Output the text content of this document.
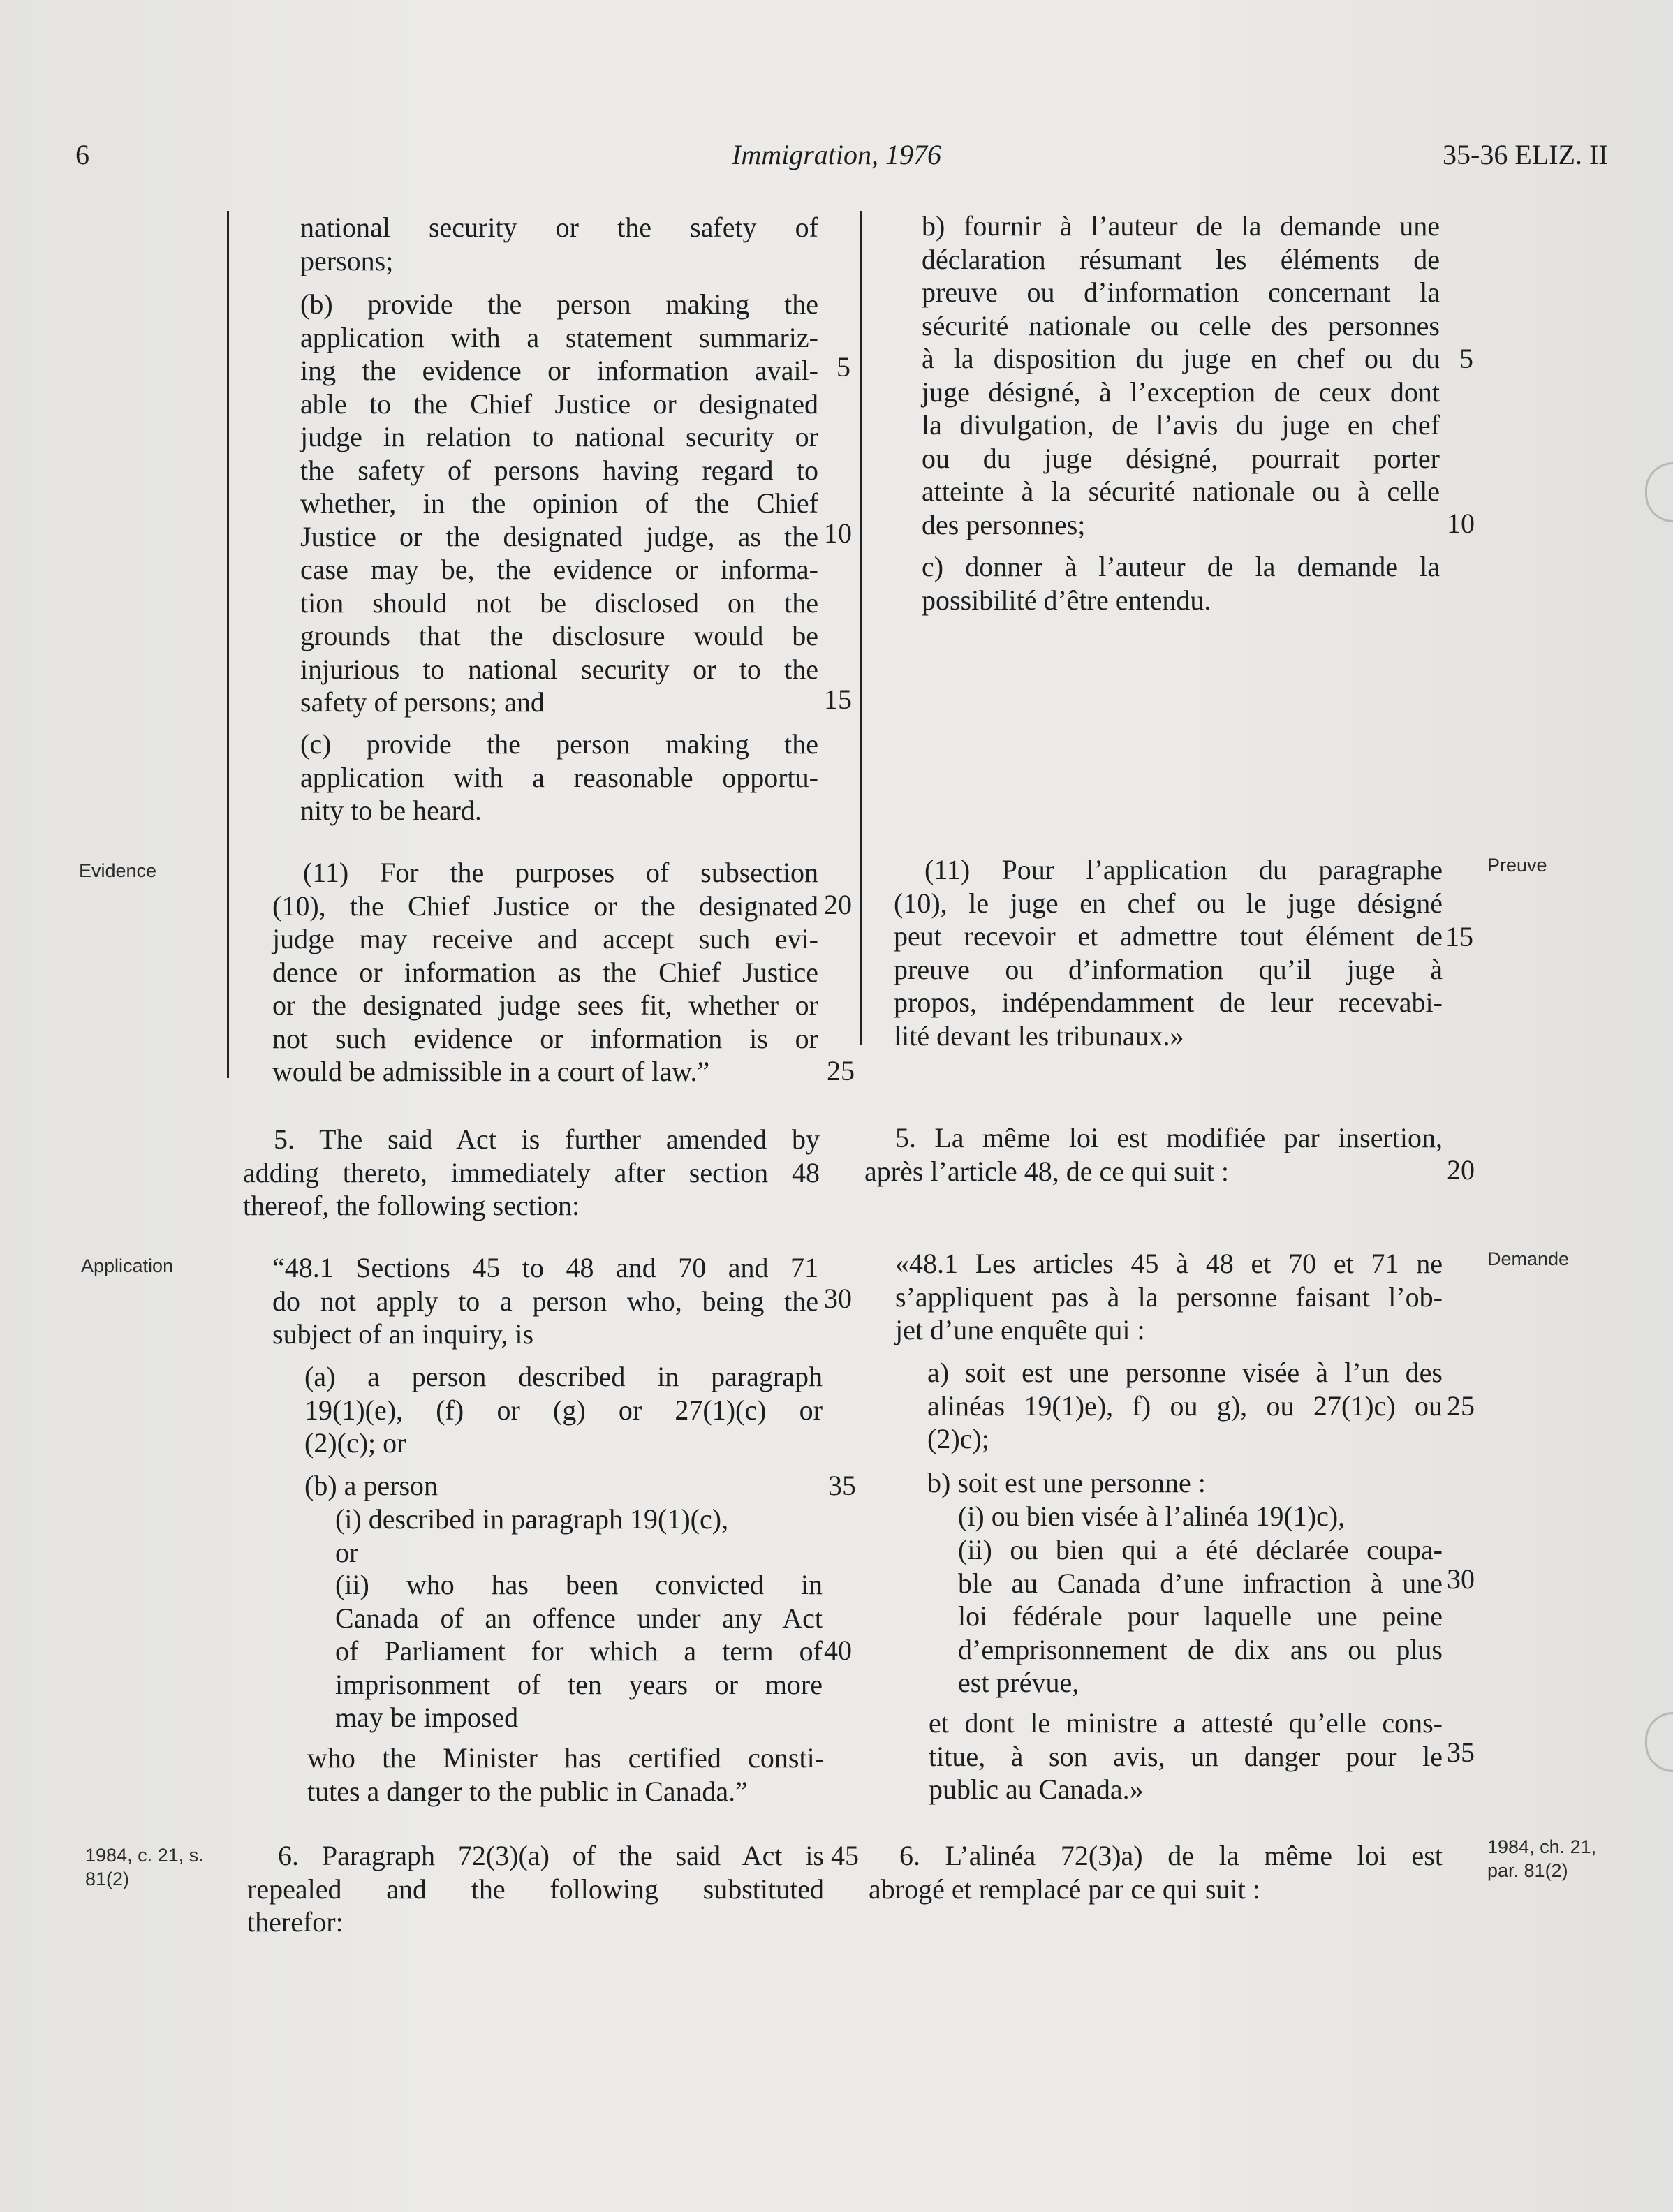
6	Immigration, 1976	35-36 ELIZ. II
Evidence
Application
1984, c. 21, s.
81(2)
Preuve
Demande
1984, ch. 21,
par. 81(2)

national security or the safety of

persons;

(b) provide the person making the

application with a statement summariz-

ing the evidence or information avail-

able to the Chief Justice or designated

judge in relation to national security or

the safety of persons having regard to

whether, in the opinion of the Chief

Justice or the designated judge, as the

case may be, the evidence or informa-

tion should not be disclosed on the

grounds that the disclosure would be

injurious to national security or to the

safety of persons; and

(c) provide the person making the

application with a reasonable opportu-

nity to be heard.

(11) For the purposes of subsection

(10), the Chief Justice or the designated

judge may receive and accept such evi-

dence or information as the Chief Justice

or the designated judge sees fit, whether or

not such evidence or information is or

would be admissible in a court of law.”

5. The said Act is further amended by

adding thereto, immediately after section 48

thereof, the following section:

“48.1 Sections 45 to 48 and 70 and 71

do not apply to a person who, being the

subject of an inquiry, is

(a) a person described in paragraph

19(1)(e), (f) or (g) or 27(1)(c) or

(2)(c); or

(b) a person

(i) described in paragraph 19(1)(c),

or

(ii) who has been convicted in

Canada of an offence under any Act

of Parliament for which a term of

imprisonment of ten years or more

may be imposed

who the Minister has certified consti-

tutes a danger to the public in Canada.”

6. Paragraph 72(3)(a) of the said Act is

repealed and the following substituted

therefor:

5
10
15
20
25
30
35
40
45

b) fournir à l’auteur de la demande une

déclaration résumant les éléments de

preuve ou d’information concernant la

sécurité nationale ou celle des personnes

à la disposition du juge en chef ou du

juge désigné, à l’exception de ceux dont

la divulgation, de l’avis du juge en chef

ou du juge désigné, pourrait porter

atteinte à la sécurité nationale ou à celle

des personnes;

c) donner à l’auteur de la demande la

possibilité d’être entendu.

(11) Pour l’application du paragraphe

(10), le juge en chef ou le juge désigné

peut recevoir et admettre tout élément de

preuve ou d’information qu’il juge à

propos, indépendamment de leur recevabi-

lité devant les tribunaux.»

5. La même loi est modifiée par insertion,

après l’article 48, de ce qui suit :

«48.1 Les articles 45 à 48 et 70 et 71 ne

s’appliquent pas à la personne faisant l’ob-

jet d’une enquête qui :

a) soit est une personne visée à l’un des

alinéas 19(1)e), f) ou g), ou 27(1)c) ou

(2)c);

b) soit est une personne :

(i) ou bien visée à l’alinéa 19(1)c),

(ii) ou bien qui a été déclarée coupa-

ble au Canada d’une infraction à une

loi fédérale pour laquelle une peine

d’emprisonnement de dix ans ou plus

est prévue,

et dont le ministre a attesté qu’elle cons-

titue, à son avis, un danger pour le

public au Canada.»

6. L’alinéa 72(3)a) de la même loi est

abrogé et remplacé par ce qui suit :

5
10
15
20
25
30
35
